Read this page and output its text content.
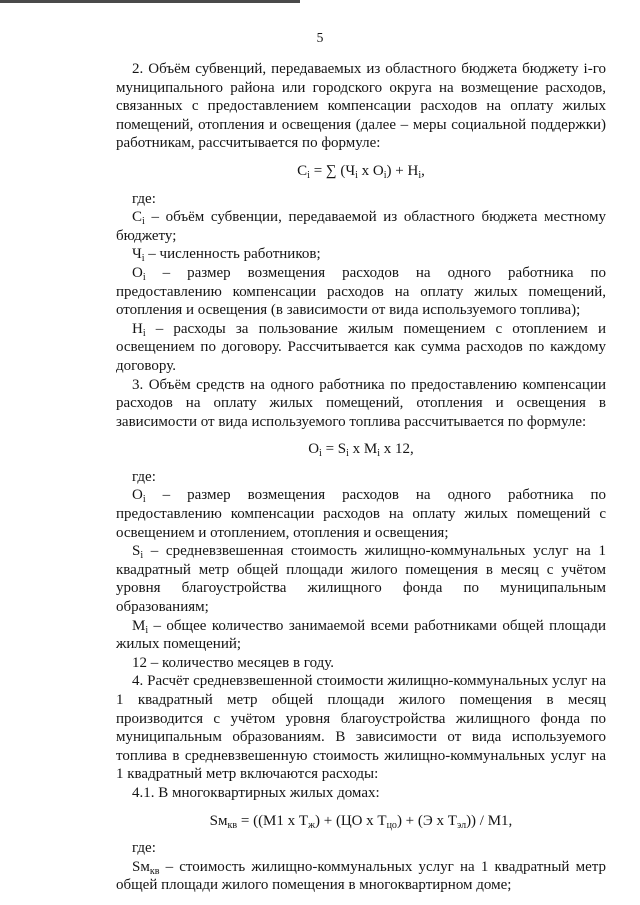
5

2. Объём субвенций, передаваемых из областного бюджета бюджету i-го муниципального района или городского округа на возмещение расходов, связанных с предоставлением компенсации расходов на оплату жилых помещений, отопления и освещения (далее – меры социальной поддержки) работникам, рассчитывается по формуле:

$C_i$ = ∑ ($Ч_i$ х $O_i) + H_i$,

где:

$C_i$ – объём субвенции, передаваемой из областного бюджета местному бюджету;

$Ч_i$ – численность работников;

$O_i$ – размер возмещения расходов на одного работника по предоставлению компенсации расходов на оплату жилых помещений, отопления и освещения (в зависимости от вида используемого топлива);

$H_i$ – расходы за пользование жилым помещением с отоплением и освещением по договору. Рассчитывается как сумма расходов по каждому договору.

3. Объём средств на одного работника по предоставлению компенсации расходов на оплату жилых помещений, отопления и освещения в зависимости от вида используемого топлива рассчитывается по формуле:

$O_i = S_i$ х $M_i$ х 12,

где:

$O_i$ – размер возмещения расходов на одного работника по предоставлению компенсации расходов на оплату жилых помещений с освещением и отоплением, отопления и освещения;

$S_i$ – средневзвешенная стоимость жилищно-коммунальных услуг на 1 квадратный метр общей площади жилого помещения в месяц с учётом уровня благоустройства жилищного фонда по муниципальным образованиям;

$M_i$ – общее количество занимаемой всеми работниками общей площади жилых помещений;

12 – количество месяцев в году.

4. Расчёт средневзвешенной стоимости жилищно-коммунальных услуг на 1 квадратный метр общей площади жилого помещения в месяц производится с учётом уровня благоустройства жилищного фонда по муниципальным образованиям. В зависимости от вида используемого топлива в средневзвешенную стоимость жилищно-коммунальных услуг на 1 квадратный метр включаются расходы:

4.1. В многоквартирных жилых домах:

$Sм_{кв} = ((M1$ х $T_ж) + (ЦО$ х $T_{цо}) + (Э$ х $T_{эл})) / M1$,

где:

$Sм_{кв}$ – стоимость жилищно-коммунальных услуг на 1 квадратный метр общей площади жилого помещения в многоквартирном доме;
